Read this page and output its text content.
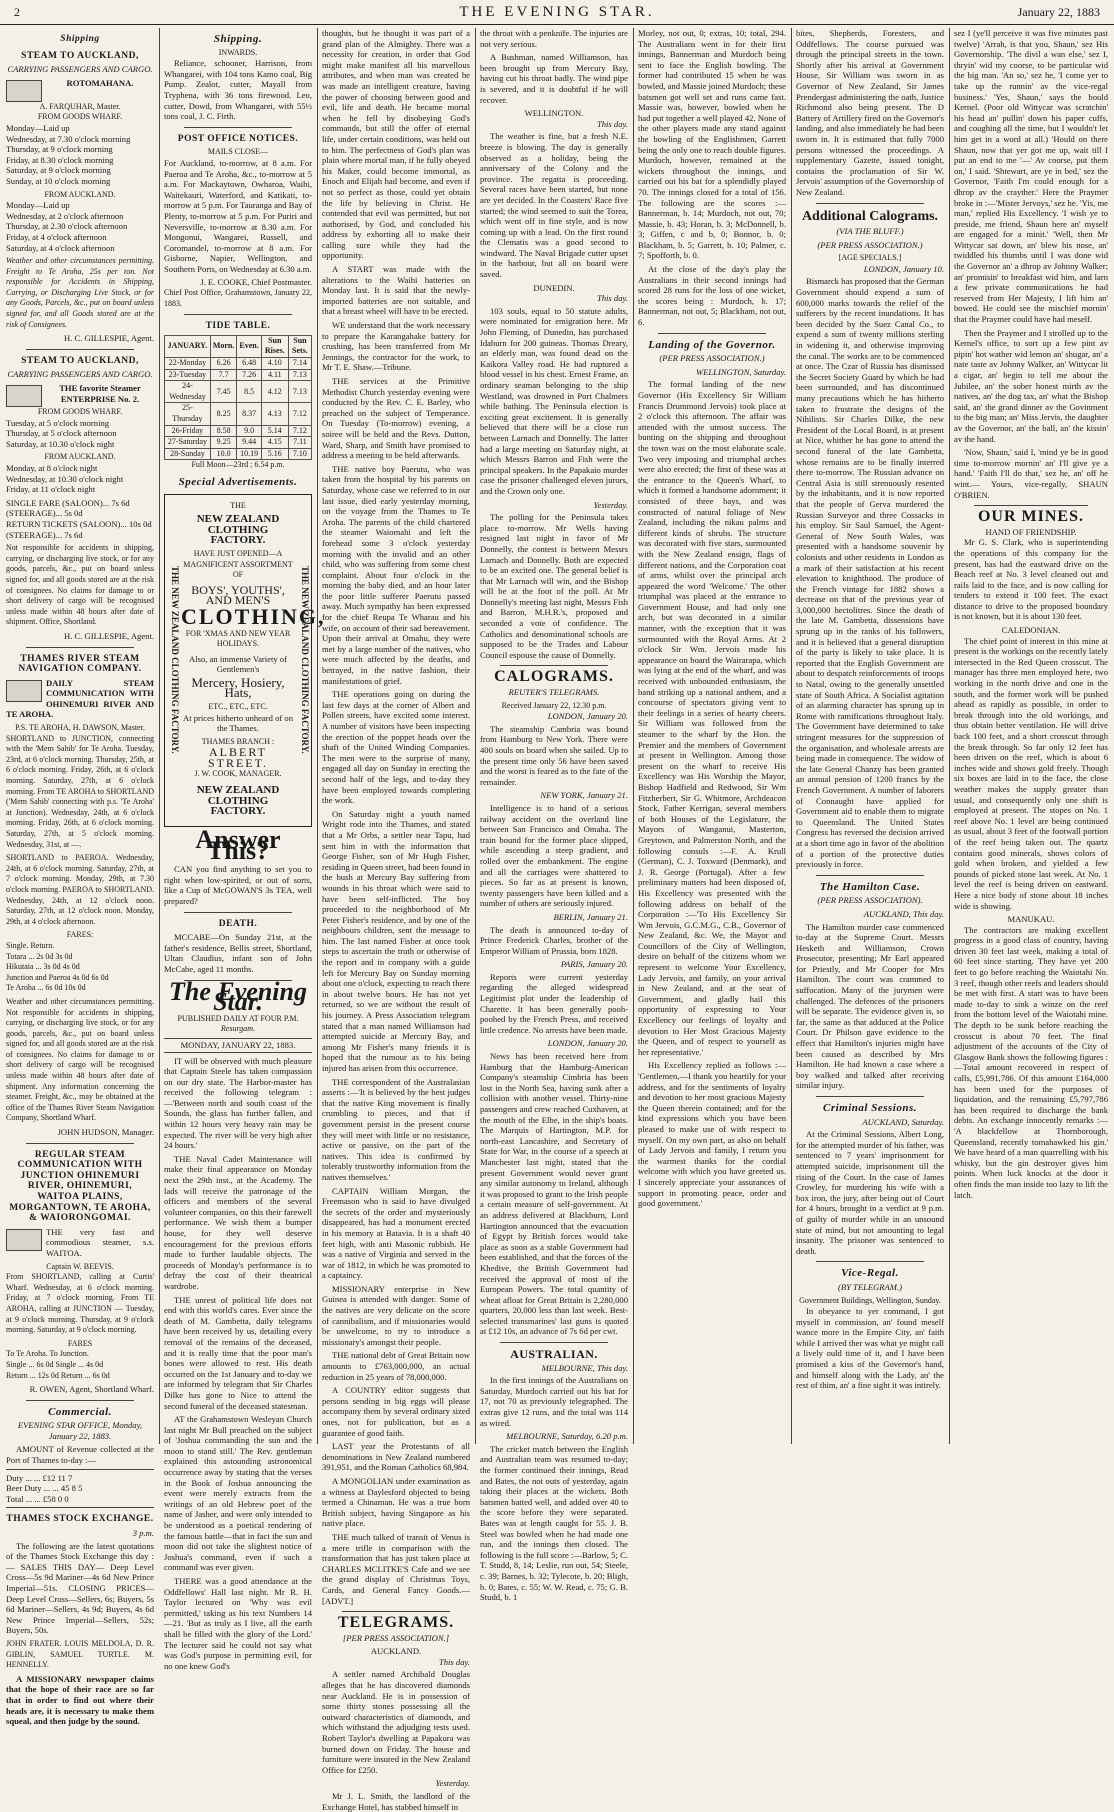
2	THE EVENING STAR.	January 22, 1883
Shipping
STEAM TO AUCKLAND,
CARRYING PASSENGERS AND CARGO.
ROTOMAHANA.
A. FARQUHAR, Master.
FROM GOODS WHARF.

Monday—Laid up
Wednesday, at 7.30 o'clock morning
Thursday, at 9 o'clock morning
Friday, at 8.30 o'clock morning
Saturday, at 9 o'clock morning
Sunday, at 10 o'clock morning

FROM AUCKLAND.

Monday—Laid up
Wednesday, at 2 o'clock afternoon
Thursday, at 2.30 o'clock afternoon
Friday, at 4 o'clock afternoon
Saturday, at 4 o'clock afternoon

Weather and other circumstances permitting. Freight to Te Aroha, 25s per ton. Not responsible for Accidents in Shipping, Carrying, or Discharging Live Stock, or for any Goods, Parcels, &c., put on board unless signed for, and all Goods stored are at the risk of Consignees.

H. C. GILLESPIE, Agent.
STEAM TO AUCKLAND,
CARRYING PASSENGERS AND CARGO.
THE favorite Steamer ENTERPRISE No. 2.
FROM GOODS WHARF.

Tuesday, at 5 o'clock morning
Thursday, at 5 o'clock afternoon
Saturday, at 10.30 o'clock night

FROM AUCKLAND.

Monday, at 8 o'clock night
Wednesday, at 10.30 o'clock night
Friday, at 11 o'clock night

SINGLE FARE (SALOON)... 7s 6d
(STEERAGE)... 5s 0d
RETURN TICKETS (SALOON)... 10s 0d
(STEERAGE)... 7s 6d

Not responsible for accidents in shipping, carrying, or discharging live stock, or for any goods, parcels, &c., put on board unless signed for, and all goods stored are at the risk of consignees. No claims for damage to or short delivery of cargo will be recognised unless made within 48 hours after date of shipment. Office, Shortland.

H. C. GILLESPIE, Agent.
THAMES RIVER STEAM NAVIGATION COMPANY.

DAILY STEAM COMMUNICATION WITH OHINEMURI RIVER AND TE AROHA.

P.S. TE AROHA, H. DAWSON, Master.

SHORTLAND to JUNCTION, connecting with the 'Mem Sahib' for Te Aroha. Tuesday, 23rd, at 6 o'clock morning. Thursday, 25th, at 6 o'clock morning. Friday, 26th, at 6 o'clock morning. Saturday, 27th, at 6 o'clock morning. From TE AROHA to SHORTLAND ('Mem Sahib' connecting with p.s. 'Te Aroha' at Junction). Wednesday, 24th, at 6 o'clock morning. Friday, 26th, at 6 o'clock morning. Saturday, 27th, at 5 o'clock morning. Wednesday, 31st, at —.

SHORTLAND to PAEROA. Wednesday, 24th, at 6 o'clock morning. Saturday, 27th, at 7 o'clock morning. Monday, 29th, at 7.30 o'clock morning. PAEROA to SHORTLAND. Wednesday, 24th, at 12 o'clock noon. Saturday, 27th, at 12 o'clock noon. Monday, 29th, at 4 o'clock afternoon.

FARES:

Single. Return.
Totara ... 2s 0d 3s 0d
Hikutaia ... 3s 0d 4s 0d
Junction and Paeroa 4s 0d 6s 0d
Te Aroha ... 6s 0d 10s 0d

Weather and other circumstances permitting. Not responsible for accidents in shipping, carrying, or discharging live stock, or for any goods, parcels, &c., put on board unless signed for, and all goods stored are at the risk of consignees. No claims for damage to or short delivery of cargo will be recognised unless made within 48 hours after date of shipment. Any information concerning the steamer. Freight, &c., may be obtained at the office of the Thames River Steam Navigation Company, Shortland Wharf.

JOHN HUDSON, Manager.
REGULAR STEAM COMMUNICATION WITH JUNCTION OHINEMURI RIVER, OHINEMURI, WAITOA PLAINS, MORGANTOWN, TE AROHA, & WAIORONGOMAI.

THE very fast and commodious steamer, s.s. WAITOA.

Captain W. BEEVIS.

From SHORTLAND, calling at Curtis' Wharf. Wednesday, at 6 o'clock morning. Friday, at 7 o'clock morning. From TE AROHA, calling at JUNCTION — Tuesday, at 9 o'clock morning. Thursday, at 9 o'clock morning. Saturday, at 9 o'clock morning.

FARES

To Te Aroha. To Junction.
Single ... 6s 0d Single ... 4s 0d
Return ... 12s 0d Return ... 6s 0d

R. OWEN, Agent, Shortland Wharf.
Commercial.
EVENING STAR OFFICE, Monday, January 22, 1883.

AMOUNT of Revenue collected at the Port of Thames to-day :—

Duty ... ... £12 11 7
Beer Duty ... ... 45 8 5
Total ... ... £58 0 0

THAMES STOCK EXCHANGE.
3 p.m.

The following are the latest quotations of the Thames Stock Exchange this day :— SALES THIS DAY— Deep Level Cross—5s 9d Mariner—4s 6d New Prince Imperial—51s. CLOSING PRICES— Deep Level Cross—Sellers, 6s; Buyers, 5s 6d Mariner—Sellers, 4s 9d; Buyers, 4s 6d New Prince Imperial—Sellers, 52s; Buyers, 50s.

JOHN FRATER. LOUIS MELDOLA, D. R. GIBLIN, SAMUEL TURTLE. M. HENNELLY.

A MISSIONARY newspaper claims that the hope of their race are so far that in order to find out where their heads are, it is necessary to make them squeal, and then judge by the sound.

Shipping.
INWARDS.

Reliance, schooner, Harrison, from Whangarei, with 104 tons Kamo coal, Big Pump. Zealot, cutter, Mayall from Tryphena, with 36 tons firewood. Leo, cutter, Dowd, from Whangarei, with 55½ tons coal, J. C. Firth.

POST OFFICE NOTICES.
MAILS CLOSE—

For Auckland, to-morrow, at 8 a.m. For Paeroa and Te Aroha, &c., to-morrow at 5 a.m. For Mackaytown, Owharoa, Waihi, Waitekauri, Waterford, and Katikati, to-morrow at 5 p.m. For Tauranga and Bay of Plenty, to-morrow at 5 p.m. For Puriri and Neversville, to-morrow at 8.30 a.m. For Mongonui, Wangarei, Russell, and Coromandel, to-morrow at 8 a.m. For Gisborne, Napier, Wellington, and Southern Ports, on Wednesday at 6.30 a.m.

J. E. COOKE, Chief Postmaster.

Chief Post Office, Grahamstown, January 22, 1883.

TIDE TABLE.
JANUARY.	Morn.	Even.	Sun Rises.	Sun Sets.
22-Monday	6.26	6.48	4.10	7.14
23-Tuesday	7.7	7.26	4.11	7.13
24-Wednesday	7.45	8.5	4.12	7.13
25-Thursday	8.25	8.37	4.13	7.12
26-Friday	8.58	9.0	5.14	7.12
27-Saturday	9.25	9.44	4.15	7.11
28-Sunday	10.0	10.19	5.16	7.10
Full Moon—23rd ; 6.54 p.m.
Special Advertisements.
THE NEW ZEALAND CLOTHING FACTORY.	THE NEW ZEALAND CLOTHING FACTORY.
THE
NEW ZEALAND CLOTHING FACTORY.
HAVE JUST OPENED—A MAGNIFICENT ASSORTMENT OF
BOYS', YOUTHS', AND MEN'S
CLOTHING,
FOR 'XMAS AND NEW YEAR HOLIDAYS.
Also, an immense Variety of Gentlemen's
Mercery, Hosiery, Hats,
ETC., ETC., ETC.
At prices hitherto unheard of on the Thames.
THAMES BRANCH :
ALBERT STREET.
J. W. COOK, MANAGER.
NEW ZEALAND CLOTHING FACTORY.
Answer This?

CAN you find anything to set you to right when low-spirited, or out of sorts, like a Cup of McGOWAN'S 3s TEA, well prepared?

DEATH.

MCCABE—On Sunday 21st, at the father's residence, Bellis street, Shortland, Ultan Claudius, infant son of John McCabe, aged 11 months.

The Evening Star.
PUBLISHED DAILY AT FOUR P.M.
Resurgam.
MONDAY, JANUARY 22, 1883.

IT will be observed with much pleasure that Captain Steele has taken compassion on our dry state. The Harbor-master has received the following telegram :—'Between north and south coast of the Sounds, the glass has further fallen, and within 12 hours very heavy rain may be expected. The river will be very high after 24 hours.'

THE Naval Cadet Maintenance will make their final appearance on Monday next the 29th inst., at the Academy. The lads will receive the patronage of the officers and members of the several volunteer companies, on this their farewell performance. We wish them a bumper house, for they well deserve encouragement for the previous efforts made to further laudable objects. The proceeds of Monday's performance is to defray the cost of their theatrical wardrobe.

THE unrest of political life does not end with this world's cares. Ever since the death of M. Gambetta, daily telegrams have been received by us, detailing every removal of the remains of the deceased, and it is really time that the poor man's bones were allowed to rest. His death occurred on the 1st January and to-day we are informed by telegram that Sir Charles Dilke has gone to Nice to attend the second funeral of the deceased statesman.

AT the Grahamstown Wesleyan Church last night Mr Bull preached on the subject of 'Joshua commanding the sun and the moon to stand still.' The Rev. gentleman explained this astounding astronomical occurrence away by stating that the verses in the Book of Joshua announcing the event were merely extracts from the writings of an old Hebrew poet of the name of Jasher, and were only intended to be understood as a poetical rendering of the famous battle—that in fact the sun and moon did not take the slightest notice of Joshua's command, even if such a command was ever given.

THERE was a good attendance at the Oddfellows' Hall last night. Mr R. H. Taylor lectured on 'Why was evil permitted,' taking as his text Numbers 14—21. 'But as truly as I live, all the earth shall be filled with the glory of the Lord.' The lecturer said he could not say what was God's purpose in permitting evil, for no one knew God's

thoughts, but he thought it was part of a grand plan of the Almighty. There was a necessity for creation, in order that God might make manifest all his marvellous attributes, and when man was created he was made an intelligent creature, having the power of choosing between good and evil, life and death. He became mortal when he fell by disobeying God's commands, but still the offer of eternal life, under certain conditions, was held out to him. The perfectness of God's plan was plain where mortal man, if he fully obeyed his Maker, could become immortal, as Enoch and Elijah had become, and even if not so perfect as those, could yet obtain the life by believing in Christ. He contended that evil was permitted, but not authorised, by God, and concluded his address by exhorting all to make their calling sure while they had the opportunity.

A START was made with the alterations to the Waihi batteries on Monday last. It is said that the newly-imported batteries are not suitable, and that a breast wheel will have to be erected.

WE understand that the work necessary to prepare the Karangahake battery for crushing, has been transferred from Mr Jennings, the contractor for the work, to Mr T. E. Shaw.—Tribune.

THE services at the Primitive Methodist Church yesterday evening were conducted by the Rev. C. E. Barley, who preached on the subject of Temperance. On Tuesday (To-morrow) evening, a soiree will be held and the Revs. Dutton, Ward, Sharp, and Smith have promised to address a meeting to be held afterwards.

THE native boy Paerutu, who was taken from the hospital by his parents on Saturday, whose case we referred to in our last issue, died early yesterday morning, on the voyage from the Thames to Te Aroha. The parents of the child chartered the steamer Waiomahi and left the forehead some 3 o'clock yesterday morning with the invalid and an other child, who was suffering from some chest complaint. About four o'clock in the morning the baby died, and an hour later the poor little sufferer Paerutu passed away. Much sympathy has been expressed for the chief Reupa Te Wharau and his wife, on account of their sad bereavement. Upon their arrival at Omahu, they were met by a large number of the natives, who were much affected by the deaths, and betrayed, in the native fashion, their manifestations of grief.

THE operations going on during the last few days at the corner of Albert and Pollen streets, have excited some interest. A number of visitors have been inspecting the erection of the poppet heads over the shaft of the United Winding Companies. The men were to the surprise of many, engaged all day on Sunday in erecting the second half of the legs, and to-day they have been employed towards completing the work.

On Saturday night a youth named Wright rode into the Thames, and stated that a Mr Orbs, a settler near Tapu, had sent him in with the information that George Fisher, son of Mr Hugh Fisher, residing in Queen street, had been found in the bush at Mercury Bay suffering from wounds in his throat which were said to have been self-inflicted. The boy proceeded to the neighborhood of Mr Peter Fisher's residence, and by one of the neighbours children, sent the message to him. The last named Fisher at once took steps to ascertain the truth or otherwise of the report and in company with a guide left for Mercury Bay on Sunday morning about one o'clock, expecting to reach there in about twelve hours. He has not yet returned, so we are without the result of his journey. A Press Association telegram stated that a man named Williamson had attempted suicide at Mercury Bay, and among Mr Fisher's many friends it is hoped that the rumour as to his being injured has arisen from this occurrence.

THE correspondent of the Australasian asserts :—'It is believed by the best judges that the native King movement is finally crumbling to pieces, and that if government persist in the present course they will meet with little or no resistance, active or passive, on the part of the natives. This idea is confirmed by tolerably trustworthy information from the natives themselves.'

CAPTAIN William Morgan, the Freemason who is said to have divulged the secrets of the order and mysteriously disappeared, has had a monument erected in his memory at Batavia. It is a shaft 40 feet high, with anti Masonic rubbish. He was a native of Virginia and served in the war of 1812, in which he was promoted to a captaincy.

MISSIONARY enterprise in New Guinea is attended with danger. Some of the natives are very delicate on the score of cannibalism, and if missionaries would be unwelcome, to try to introduce a missionary's amongst their people.

THE national debt of Great Britain now amounts to £763,000,000, an actual reduction in 25 years of 78,000,000.

A COUNTRY editor suggests that persons sending in big eggs will please accompany them by several ordinary sized ones, not for publication, but as a guarantee of good faith.

LAST year the Protestants of all denominations in New Zealand numbered 391,951, and the Roman Catholics 68,984.

A MONGOLIAN under examination as a witness at Daylesford objected to being termed a Chinaman. He was a true born British subject, having Singapore as his native place.

THE much talked of transit of Venus is a mere trifle in comparison with the transformation that has just taken place at CHARLES MCLITKE'S Cafe and we see the grand display of Christmas Toys, Cards, and General Fancy Goods.—[ADVT.]

TELEGRAMS.
[PER PRESS ASSOCIATION.]
AUCKLAND.
This day.

A settler named Archibald Douglas alleges that he has discovered diamonds near Auckland. He is in possession of some thirty stones possessing all the outward characteristics of diamonds, and which withstand the adjudging tests used. Robert Taylor's dwelling at Papakura was burned down on Friday. The house and furniture were insured in the New Zealand Office for £250.

Yesterday.

Mr J. L. Smith, the landlord of the Exchange Hotel, has stabbed himself in

the throat with a penknife. The injuries are not very serious.

A Bushman, named Williamson, has been brought up from Mercury Bay, having cut his throat badly. The wind pipe is severed, and it is doubtful if he will recover.

WELLINGTON.
This day.

The weather is fine, but a fresh N.E. breeze is blowing. The day is generally observed as a holiday, being the anniversary of the Colony and the province. The regatta is proceeding. Several races have been started, but none are yet decided. In the Coasters' Race five started; the wind seemed to suit the Torea, which went off in fine style, and is now coming up with a lead. On the first round the Clematis was a good second to windward. The Naval Brigade cutter upset in the harbour, but all on board were saved.

DUNEDIN.
This day.

103 souls, equal to 50 statute adults, were nominated for emigration here. Mr John Fleming, of Dunedin, has purchased Idaburn for 200 guineas. Thomas Dreary, an elderly man, was found dead on the Kaikora Valley road. He had ruptured a blood vessel in his chest. Ernest Frame, an ordinary seaman belonging to the ship Westland, was drowned in Port Chalmers while bathing. The Peninsula election is exciting great excitement. It is generally believed that there will be a close run between Larnach and Donnelly. The latter had a large meeting on Saturday night, at which Messrs Barron and Fish were the principal speakers. In the Papakaio murder case the prisoner challenged eleven jurors, and the Crown only one.

Yesterday.

The polling for the Peninsula takes place to-morrow. Mr Wells having resigned last night in favor of Mr Donnelly, the contest is between Messrs Larnach and Donnelly. Both are expected to be an excited one. The general belief is that Mr Larnach will win, and the Bishop will be at the foot of the poll. At Mr Donnelly's meeting last night, Messrs Fish and Barron, M.H.R.'s, proposed and seconded a vote of confidence. The Catholics and denominational schools are supposed to be the Trades and Labour Council espouse the cause of Donnelly.

CALOGRAMS.
REUTER'S TELEGRAMS.
Received January 22, 12.30 p.m.
LONDON, January 20.

The steamship Cambria was bound from Hamburg to New York. There were 400 souls on board when she sailed. Up to the present time only 56 have been saved and the worst is feared as to the fate of the remainder.

NEW YORK, January 21.

Intelligence is to hand of a serious railway accident on the overland line between San Francisco and Omaha. The train bound for the former place slipped, while ascending a steep gradient, and rolled over the embankment. The engine and all the carriages were shattered to pieces. So far as at present is known, twenty passengers have been killed and a number of others are seriously injured.

BERLIN, January 21.

The death is announced to-day of Prince Frederick Charles, brother of the Emperor William of Prussia, born 1828.

PARIS, January 20.

Reports were current yesterday regarding the alleged widespread Legitimist plot under the leadership of Charette. It has been generally pooh-poohed by the French Press, and received little credence. No arrests have been made.

LONDON, January 20.

News has been received here from Hamburg that the Hamburg-American Company's steamship Cimbria has been lost in the North Sea, having sunk after a collision with another vessel. Thirty-nine passengers and crew reached Cuxhaven, at the mouth of the Elbe, in the ship's boats. The Marquis of Hartington, M.P. for north-east Lancashire, and Secretary of State for War, in the course of a speech at Manchester last night, stated that the present Government would never grant any similar autonomy to Ireland, although it was proposed to grant to the Irish people a certain measure of self-government. At an address delivered at Blackburn, Lord Hartington announced that the evacuation of Egypt by British forces would take place as soon as a stable Government had been established, and that the forces of the Khedive, the British Government had received the approval of most of the European Powers. The total quantity of wheat afloat for Great Britain is 2,280,000 quarters, 20,000 less than last week. Best-selected transmarines' last guns is quoted at £12 10s, an advance of 7s 6d per cwt.

AUSTRALIAN.
MELBOURNE, This day.

In the first innings of the Australians on Saturday, Murdoch carried out his bat for 17, not 70 as previously telegraphed. The extras give 12 runs, and the total was 114 as wired.

MELBOURNE, Saturday, 6.20 p.m.

The cricket match between the English and Australian team was resumed to-day; the former continued their innings, Read and Bates, the not outs of yesterday, again taking their places at the wickets. Both batsmen batted well, and added over 40 to the score before they were separated. Bates was at length caught for 55. J. B. Steel was bowled when he had made one run, and the innings then closed. The following is the full score :—Barlow, 5; C. T. Studd, 8, 14; Leslie, run out, 54; Steele, c. 39; Barnes, b. 32; Tylecote, b. 20; Bligh, b. 0; Bates, c. 55; W. W. Read, c. 75; G. B. Studd, b. 1

Morley, not out, 0; extras, 10; total, 294. The Australians went in for their first innings, Bannerman and Murdoch being sent to face the English bowling. The former had contributed 15 when he was bowled, and Massie joined Murdoch; these batsmen got well set and runs came fast. Massie was, however, bowled when he had put together a well played 42. None of the other players made any stand against the bowling of the Englishmen, Garrett being the only one to reach double figures. Murdoch, however, remained at the wickets throughout the innings, and carried out his bat for a splendidly played 70. The innings closed for a total of 156. The following are the scores :— Bannerman, b. 14; Murdoch, not out, 70; Massie, b. 43; Horan, b. 3; McDonnell, b. 3; Giffen, c and b, 0; Bonnor, b. 0; Blackham, b. 5; Garrett, b. 10; Palmer, c. 7; Spofforth, b. 0.

At the close of the day's play the Australians in their second innings had scored 28 runs for the loss of one wicket, the scores being : Murdoch, b. 17; Bannerman, not out, 5; Blackham, not out, 6.

Landing of the Governor.
(PER PRESS ASSOCIATION.)
WELLINGTON, Saturday.

The formal landing of the new Governor (His Excellency Sir William Francis Drummond Jervois) took place at 2 o'clock this afternoon. The affair was attended with the utmost success. The bunting on the shipping and throughout the town was on the most elaborate scale. Two very imposing and triumphal arches were also erected; the first of these was at the entrance to the Queen's Wharf, to which it formed a handsome adornment; it consisted of three bays, and was constructed of natural foliage of New Zealand, including the nikau palms and different kinds of shrubs. The structure was decorated with five stars, surmounted with the New Zealand ensign, flags of different nations, and the Corporation coat of arms, whilst over the principal arch appeared the word 'Welcome.' The other triumphal was placed at the entrance to Government House, and had only one arch, but was decorated in a similar manner, with the exception that it was surmounted with the Royal Arms. At 2 o'clock Sir Wm. Jervois made his appearance on board the Wairarapa, which was lying at the end of the wharf, and was received with unbounded enthusiasm, the band striking up a national anthem, and a concourse of spectators giving vent to their feelings in a series of hearty cheers. Sir William was followed from the steamer to the wharf by the Hon. the Premier and the members of Government at present in Wellington. Among those present on the wharf to receive His Excellency was His Worship the Mayor, Bishop Hadfield and Redwood, Sir Wm Fitzherbert, Sir G. Whitmore, Archdeacon Stock, Father Kerrigan, several members of both Houses of the Legislature, the Mayors of Wanganui, Masterton, Greytown, and Palmerston North, and the following consuls :—F. A. Krull (German), C. J. Toxward (Denmark), and J. R. George (Portugal). After a few preliminary matters had been disposed of, His Excellency was presented with the following address on behalf of the Corporation :—'To His Excellency Sir Wm Jervois, G.C.M.G., C.B., Governor of New Zealand, &c. We, the Mayor and Councillors of the City of Wellington, desire on behalf of the citizens whom we represent to welcome Your Excellency, Lady Jervois, and family, on your arrival in New Zealand, and at the seat of Government, and gladly hail this opportunity of expressing to Your Excellency our feelings of loyalty and devotion to Her Most Gracious Majesty the Queen, and of respect to yourself as her representative.'

His Excellency replied as follows :— 'Gentlemen,—I thank you heartily for your address, and for the sentiments of loyalty and devotion to her most gracious Majesty the Queen therein contained; and for the kind expressions which you have been pleased to make use of with respect to myself. On my own part, as also on behalf of Lady Jervois and family, I return you the warmest thanks for the cordial welcome with which you have greeted us. I sincerely appreciate your assurances of support in promoting peace, order and good government.'

bites, Shepherds, Foresters, and Oddfellows. The course pursued was through the principal streets in the town. Shortly after his arrival at Government House, Sir William was sworn in as Governor of New Zealand, Sir James Prendergast administering the oath, Justice Richmond also being present. The D Battery of Artillery fired on the Governor's landing, and also immediately he had been sworn in. It is estimated that fully 7000 persons witnessed the proceedings. A supplementary Gazette, issued tonight, contains the proclamation of Sir W. Jervois' assumption of the Governorship of New Zealand.

Additional Calograms.
(VIA THE BLUFF.)
(PER PRESS ASSOCIATION.)
[AGE SPECIALS.]
LONDON, January 10.

Bismarck has proposed that the German Government should expend a sum of 600,000 marks towards the relief of the sufferers by the recent inundations. It has been decided by the Suez Canal Co., to expend a sum of twenty millions sterling in widening it, and otherwise improving the canal. The works are to be commenced at once. The Czar of Russia has dismissed the Secret Society Guard by which he had been surrounded, and has discontinued many precautions which he has hitherto taken to frustrate the designs of the Nihilists. Sir Charles Dilke, the new President of the Local Board, is at present at Nice, whither he has gone to attend the second funeral of the late Gambetta, whose remains are to be finally interred there to-morrow. The Russian advance on Central Asia is still strenuously resented by the inhabitants, and it is now reported that the people of Gerva murdered the Russian Surveyor and three Cossacks in his employ. Sir Saul Samuel, the Agent-General of New South Wales, was presented with a handsome souvenir by colonists and other residents in London as a mark of their satisfaction at his recent elevation to knighthood. The produce of the French vintage for 1882 shows a decrease on that of the previous year of 3,000,000 hectolitres. Since the death of the late M. Gambetta, dissensions have sprung up in the ranks of his followers, and it is believed that a general disruption of the party is likely to take place. It is reported that the English Government are about to despatch reinforcements of troops to Natal, owing to the generally unsettled state of South Africa. A Socialist agitation of an alarming character has sprung up in Rome with ramifications throughout Italy. The Government have determined to take stringent measures for the suppression of the organisation, and wholesale arrests are being made in consequence. The widow of the late General Chanzy has been granted an annual pension of 1200 francs by the French Government. A number of laborers of Connaught have applied for Government aid to enable them to migrate to Queensland. The United States Congress has reversed the decision arrived at a short time ago in favor of the abolition of a portion of the protective duties previously in force.

The Hamilton Case.
(PER PRESS ASSOCIATION).
AUCKLAND, This day.

The Hamilton murder case commenced to-day at the Supreme Court. Messrs Hesketh and Williamson, Crown Prosecutor, presenting; Mr Earl appeared for Priestly, and Mr Cooper for Mrs Hamilton. The court was crammed to suffocation. Many of the jurymen were challenged. The defences of the prisoners will be separate. The evidence given is, so far, the same as that adduced at the Police Court. Dr Philson gave evidence to the effect that Hamilton's injuries might have been caused as described by Mrs Hamilton. He had known a case where a boy walked and talked after receiving similar injury.

Criminal Sessions.
AUCKLAND, Saturday.

At the Criminal Sessions, Albert Long, for the attempted murder of his father, was sentenced to 7 years' imprisonment for attempted suicide, imprisonment till the rising of the Court. In the case of James Crowley, for murdering his wife with a box iron, the jury, after being out of Court for 4 hours, brought in a verdict at 9 p.m. of guilty of murder while in an unsound state of mind, but not amounting to legal insanity. The prisoner was sentenced to death.

Vice-Regal.
(BY TELEGRAM.)
Government Buildings, Wellington, Sunday.

In obeyance to yer command, I got myself in commission, an' found meself wance more in the Empire City, an' faith while I arrived ther was what ye might call a lively ould time of it, and I have been promised a kiss of the Governor's hand, and himself along with the Lady, an' the rest of thim, an' a fine sight it was intirely.

sez I (ye'll perceive it was five minutes past twelve) 'Arrah, is that you, Shaun,' sez His Governorship. 'The divil a wan else,' sez I, thryin' wid my coorse, to be particular wid the big man. 'An so,' sez he, 'I come yer to take up the runnin' av the vice-regal business.' 'Yes, Shaun,' says the bould Kernel. (Poor old Wittycar was scratchin' his head an' pullin' down his paper cuffs, and coughing all the time, but I wouldn't let him get in a word at all.) 'Hould on there Shaun, now that yer got me up, wait till I put an end to me '—' Av coorse, put them on,' I said. 'Shtewart, are ye in bed,' sez the Governor, 'Faith I'm could enough for a dhrop av the crayther.' Here the Praymer broke in :—'Mister Jervoys,' sez he. 'Yis, me man,' replied His Excellency. 'I wish ye to preside, me friend, Shaun here an' myself are engaged for a minit.' 'Well, then Mr Wittycar sat down, an' blew his nose, an' twiddled his thumbs until I was done wid the Governor an' a dhrop av Johnny Walker; an' promisin' to breakfast wid him, and larn a few private communications he had reserved from Her Majesty, I lift him an' bowed. He could see the mischief mornin' that the Praymer could have had meself.

Then the Praymer and I strolled up to the Kernel's office, to sort up a few pint av pipin' hot wather wid lemon an' shugar, an' a nate taste av Johnny Walker, an' Wittycar lit a cigar, an' begin to tell me about the Jubilee, an' the sober honest mirth av the natives, an' the dog tax, an' what the Bishop said, an' the grand dinner av the Govinment to the big man; an' Miss Jervis, the daughter av the Governor, an' the ball, an' the kissin' av the hand.

'Now, Shaun,' said I, 'mind ye be in good time to-morrow mornin' an' I'll give ye a hand.' 'Faith I'll do that,' sez he, an' off he wint.— Yours, vice-regally, SHAUN O'BRIEN.

OUR MINES.
HAND OF FRIENDSHIP.

Mr G. S. Clark, who is superintending the operations of this company for the present, has had the eastward drive on the Beach reef at No. 3 level cleaned out and rails laid to the face, and is now calling for tenders to extend it 100 feet. The exact distance to drive to the proposed boundary is not known, but it is about 130 feet.

CALEDONIAN.

The chief point of interest in this mine at present is the workings on the recently lately intersected in the Red Queen crosscut. The manager has three men employed here, two working in the north drive and one in the south, and the former work will be pushed ahead as rapidly as possible, in order to break through into the old workings, and thus obtain better ventilation. He will drive back 100 feet, and a short crosscut through the break through. So far only 12 feet has been driven on the reef, which is about 6 inches wide and shows gold freely. Though six boxes are laid in to the face, the close weather makes the supply greater than usual, and consequently only one shift is employed at present. The stopes on No. 1 reef above No. 1 level are being continued as usual, about 3 feet of the footwall portion of the reef being taken out. The quartz contains good minerals, shows colors of gold when broken, and yielded a few pounds of picked stone last week. At No. 1 level the reef is being driven on eastward. Here a nice body of stone about 18 inches wide is showing.

MANUKAU.

The contractors are making excellent progress in a good class of country, having driven 30 feet last week, making a total of 60 feet since starting. They have yet 200 feet to go before reaching the Waiotahi No. 3 reef, though other reefs and leaders should be met with first. A start was to have been made to-day to sink a winze on the reef from the bottom level of the Waiotahi mine. The depth to be sunk before reaching the crosscut is about 70 feet. The final adjustment of the accounts of the City of Glasgow Bank shows the following figures :—Total amount recovered in respect of calls, £5,991,786. Of this amount £164,000 has been used for the purposes of liquidation, and the remaining £5,797,786 has been required to discharge the bank debts. An exchange innocently remarks :— 'A blackfellow at Thornborough, Queensland, recently tomahawked his gin.' We have heard of a man quarrelling with his whisky, but the gin destroyer gives him points. When luck knocks at the door it often finds the man inside too lazy to lift the latch.
